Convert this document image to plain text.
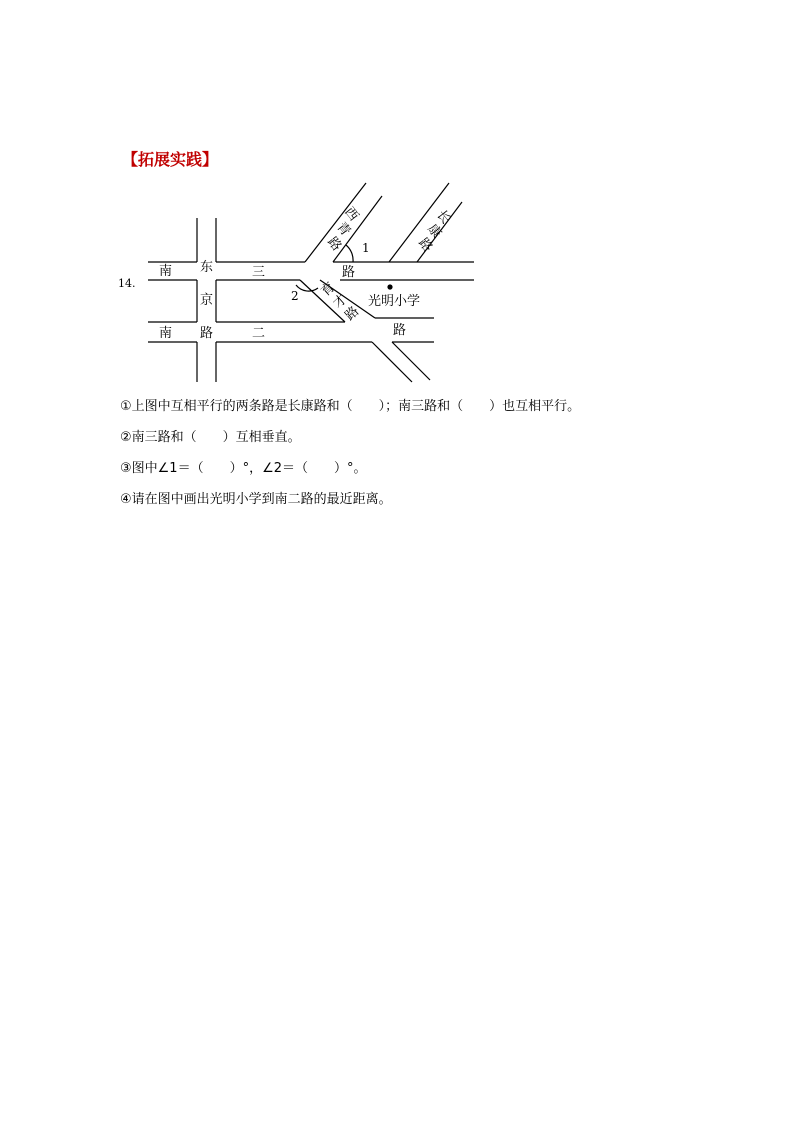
【拓展实践】
14.
南 东	三	路
京
南 路	二	路
西
青
路
长
康
路
育
才
路
1
2	光明小学
①上图中互相平行的两条路是长康路和（　　）；南三路和（　　）也互相平行。
②南三路和（　　）互相垂直。
③图中∠1＝（　　）°，∠2＝（　　）°。
④请在图中画出光明小学到南二路的最近距离。
